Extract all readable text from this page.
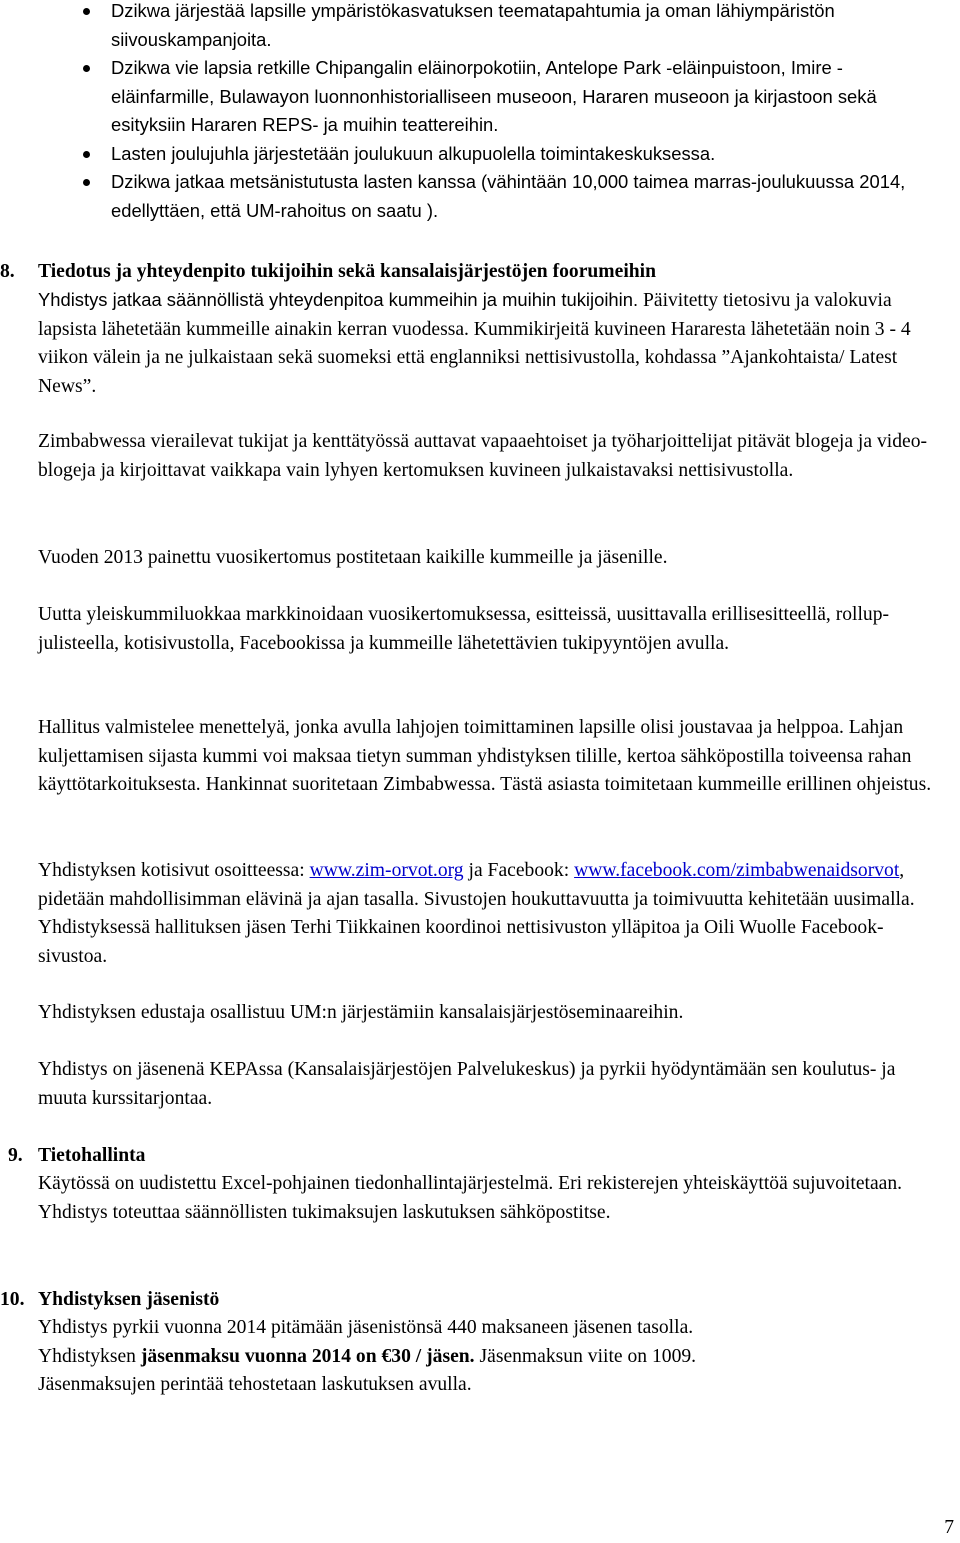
Dzikwa järjestää lapsille ympäristökasvatuksen teematapahtumia ja oman lähiympäristön siivouskampanjoita.
Dzikwa vie lapsia retkille Chipangalin eläinorpokotiin, Antelope Park -eläinpuistoon, Imire -eläinfarmille, Bulawayon luonnonhistorialliseen museoon, Hararen museoon ja kirjastoon sekä esityksiin Hararen REPS- ja muihin teattereihin.
Lasten joulujuhla järjestetään joulukuun alkupuolella toimintakeskuksessa.
Dzikwa jatkaa metsänistutusta lasten kanssa (vähintään 10,000 taimea marras-joulukuussa 2014, edellyttäen, että UM-rahoitus on saatu ).
8. Tiedotus ja yhteydenpito tukijoihin sekä kansalaisjärjestöjen foorumeihin
Yhdistys jatkaa säännöllistä yhteydenpitoa kummeihin ja muihin tukijoihin. Päivitetty tietosivu ja valokuvia lapsista lähetetään kummeille ainakin kerran vuodessa. Kummikirjeitä kuvineen Hararesta lähetetään noin 3 - 4 viikon välein ja ne julkaistaan sekä suomeksi että englanniksi nettisivustolla, kohdassa ”Ajankohtaista/ Latest News”.
Zimbabwessa vierailevat tukijat ja kenttätyössä auttavat vapaaehtoiset ja työharjoittelijat pitävät blogeja ja video-blogeja ja kirjoittavat vaikkapa vain lyhyen kertomuksen kuvineen julkaistavaksi nettisivustolla.
Vuoden 2013 painettu vuosikertomus postitetaan kaikille kummeille ja jäsenille.
Uutta yleiskummiluokkaa markkinoidaan vuosikertomuksessa, esitteissä, uusittavalla erillisesitteellä, rollup-julisteella, kotisivustolla, Facebookissa ja kummeille lähetettävien tukipyyntöjen avulla.
Hallitus valmistelee menettelyä, jonka avulla lahjojen toimittaminen lapsille olisi joustavaa ja helppoa. Lahjan kuljettamisen sijasta kummi voi maksaa tietyn summan yhdistyksen tilille, kertoa sähköpostilla toiveensa rahan käyttötarkoituksesta. Hankinnat suoritetaan Zimbabwessa. Tästä asiasta toimitetaan kummeille erillinen ohjeistus.
Yhdistyksen kotisivut osoitteessa: www.zim-orvot.org ja Facebook: www.facebook.com/zimbabwenaidsorvot, pidetään mahdollisimman elävinä ja ajan tasalla. Sivustojen houkuttavuutta ja toimivuutta kehitetään uusimalla. Yhdistyksessä hallituksen jäsen Terhi Tiikkainen koordinoi nettisivuston ylläpitoa ja Oili Wuolle Facebook-sivustoa.
Yhdistyksen edustaja osallistuu UM:n järjestämiin kansalaisjärjestöseminaareihin.
Yhdistys on jäsenenä KEPAssa (Kansalaisjärjestöjen Palvelukeskus) ja pyrkii hyödyntämään sen koulutus- ja muuta kurssitarjontaa.
9. Tietohallinta
Käytössä on uudistettu Excel-pohjainen tiedonhallintajärjestelmä. Eri rekisterejen yhteiskäyttöä sujuvoitetaan. Yhdistys toteuttaa säännöllisten tukimaksujen laskutuksen sähköpostitse.
10. Yhdistyksen jäsenistö
Yhdistys pyrkii vuonna 2014 pitämään jäsenistönsä 440 maksaneen jäsenen tasolla.
Yhdistyksen jäsenmaksu vuonna 2014 on €30 / jäsen. Jäsenmaksun viite on 1009.
Jäsenmaksujen perintää tehostetaan laskutuksen avulla.
7
